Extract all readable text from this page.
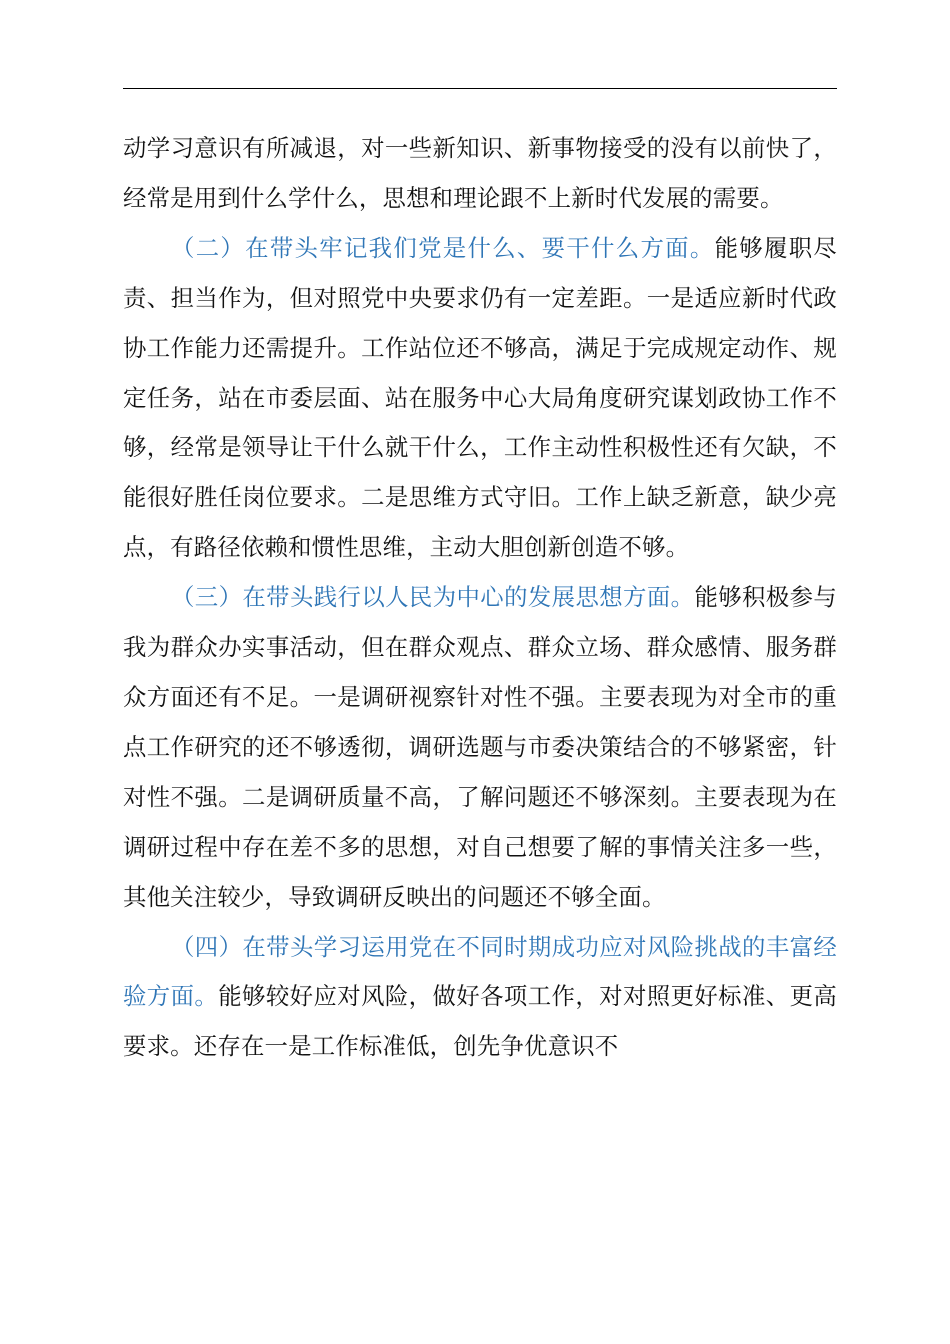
动学习意识有所减退，对一些新知识、新事物接受的没有以前快了，经常是用到什么学什么，思想和理论跟不上新时代发展的需要。

（二）在带头牢记我们党是什么、要干什么方面。能够履职尽责、担当作为，但对照党中央要求仍有一定差距。一是适应新时代政协工作能力还需提升。工作站位还不够高，满足于完成规定动作、规定任务，站在市委层面、站在服务中心大局角度研究谋划政协工作不够，经常是领导让干什么就干什么，工作主动性积极性还有欠缺，不能很好胜任岗位要求。二是思维方式守旧。工作上缺乏新意，缺少亮点，有路径依赖和惯性思维，主动大胆创新创造不够。

（三）在带头践行以人民为中心的发展思想方面。能够积极参与我为群众办实事活动，但在群众观点、群众立场、群众感情、服务群众方面还有不足。一是调研视察针对性不强。主要表现为对全市的重点工作研究的还不够透彻，调研选题与市委决策结合的不够紧密，针对性不强。二是调研质量不高，了解问题还不够深刻。主要表现为在调研过程中存在差不多的思想，对自己想要了解的事情关注多一些，其他关注较少，导致调研反映出的问题还不够全面。

（四）在带头学习运用党在不同时期成功应对风险挑战的丰富经验方面。能够较好应对风险，做好各项工作，对对照更好标准、更高要求。还存在一是工作标准低，创先争优意识不
